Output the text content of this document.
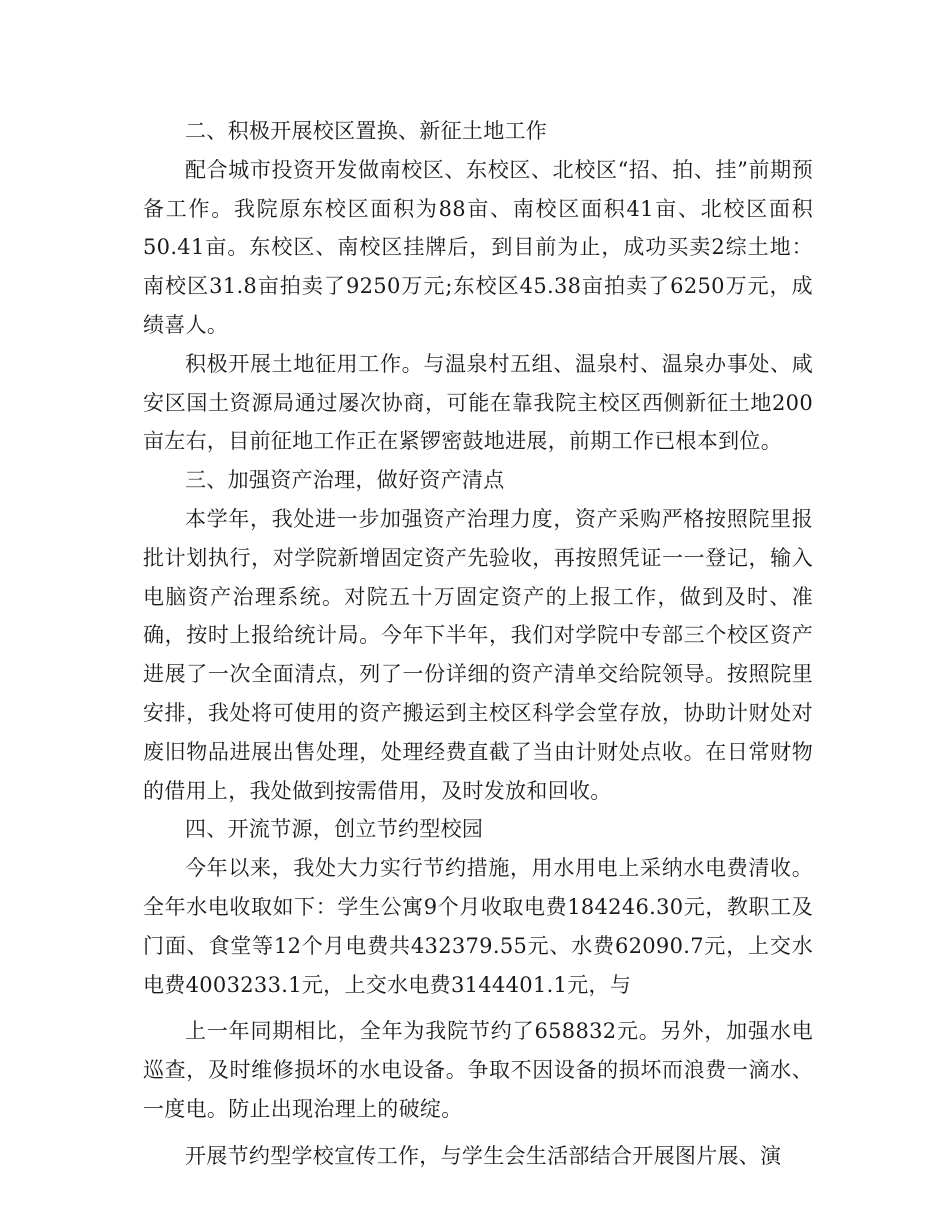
二、积极开展校区置换、新征土地工作

配合城市投资开发做南校区、东校区、北校区“招、拍、挂”前期预备工作。我院原东校区面积为88亩、南校区面积41亩、北校区面积50.41亩。东校区、南校区挂牌后，到目前为止，成功买卖2综土地：南校区31.8亩拍卖了9250万元;东校区45.38亩拍卖了6250万元，成绩喜人。

积极开展土地征用工作。与温泉村五组、温泉村、温泉办事处、咸安区国土资源局通过屡次协商，可能在靠我院主校区西侧新征土地200亩左右，目前征地工作正在紧锣密鼓地进展，前期工作已根本到位。

三、加强资产治理，做好资产清点

本学年，我处进一步加强资产治理力度，资产采购严格按照院里报批计划执行，对学院新增固定资产先验收，再按照凭证一一登记，输入电脑资产治理系统。对院五十万固定资产的上报工作，做到及时、准确，按时上报给统计局。今年下半年，我们对学院中专部三个校区资产进展了一次全面清点，列了一份详细的资产清单交给院领导。按照院里安排，我处将可使用的资产搬运到主校区科学会堂存放，协助计财处对废旧物品进展出售处理，处理经费直截了当由计财处点收。在日常财物的借用上，我处做到按需借用，及时发放和回收。

四、开流节源，创立节约型校园

今年以来，我处大力实行节约措施，用水用电上采纳水电费清收。全年水电收取如下：学生公寓9个月收取电费184246.30元，教职工及门面、食堂等12个月电费共432379.55元、水费62090.7元，上交水电费4003233.1元，上交水电费3144401.1元，与

上一年同期相比，全年为我院节约了658832元。另外，加强水电巡查，及时维修损坏的水电设备。争取不因设备的损坏而浪费一滴水、一度电。防止出现治理上的破绽。

开展节约型学校宣传工作，与学生会生活部结合开展图片展、演
